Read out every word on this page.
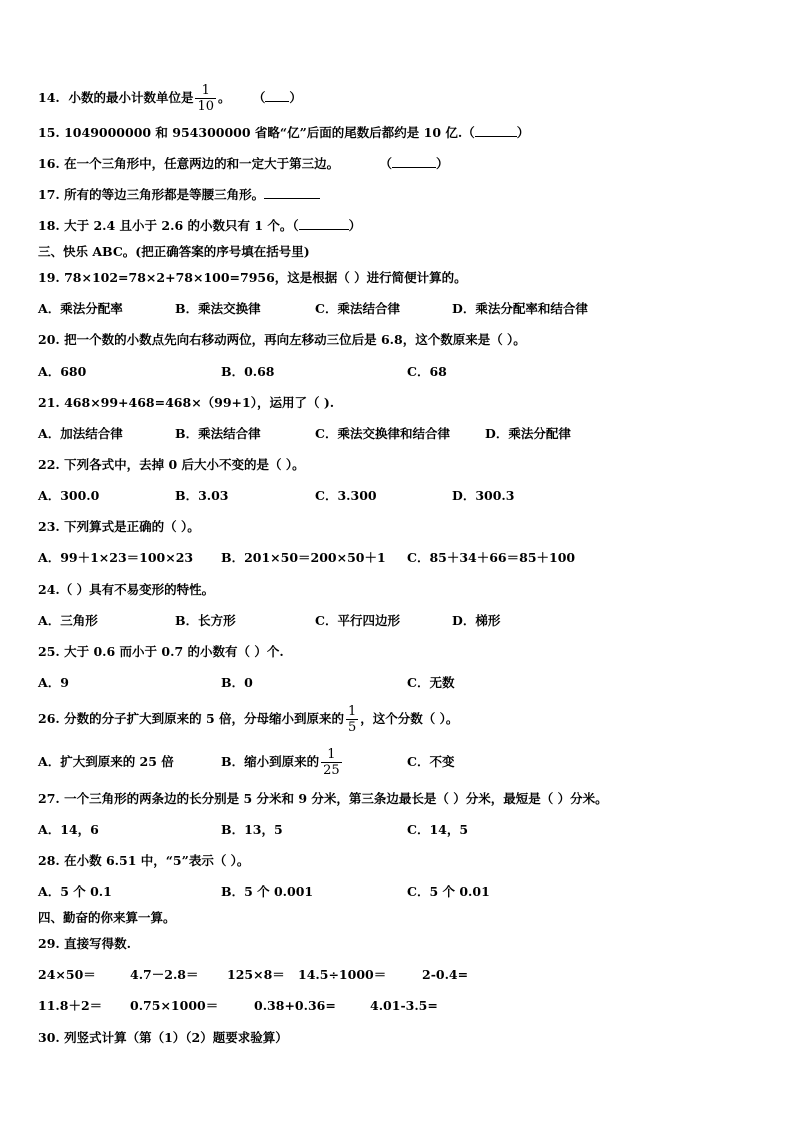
14. 小数的最小计数单位是 $\frac{1}{10}$ 。 （ ）
15. 1049000000 和 954300000 省略“亿”后面的尾数后都约是 10 亿.（	）
16. 在一个三角形中，任意两边的和一定大于第三边。	（	）
17. 所有的等边三角形都是等腰三角形。
18. 大于 2.4 且小于 2.6 的小数只有 1 个。（	）
三、快乐 ABC。(把正确答案的序号填在括号里)
19. 78×102=78×2+78×100=7956，这是根据（ ）进行简便计算的。
A．乘法分配率	B．乘法交换律	C．乘法结合律	D．乘法分配率和结合律
20. 把一个数的小数点先向右移动两位，再向左移动三位后是 6.8，这个数原来是（ ）。
A．680	B．0.68	C．68
21. 468×99+468=468×（99+1），运用了（ ).
A．加法结合律	B．乘法结合律	C．乘法交换律和结合律	D．乘法分配律
22. 下列各式中，去掉 0 后大小不变的是（ ）。
A．300.0	B．3.03	C．3.300	D．300.3
23. 下列算式是正确的（ ）。
A．99＋1×23＝100×23 B．201×50＝200×50＋1 C．85＋34＋66＝85＋100
24.（ ）具有不易变形的特性。
A．三角形	B．长方形	C．平行四边形	D．梯形
25. 大于 0.6 而小于 0.7 的小数有（ ）个.
A．9	B．0	C．无数
26. 分数的分子扩大到原来的 5 倍，分母缩小到原来的 $\frac{1}{5}$ ，这个分数（ ）。
A．扩大到原来的 25 倍	B．缩小到原来的 $\frac{1}{25}$	C．不变
27. 一个三角形的两条边的长分别是 5 分米和 9 分米，第三条边最长是（ ）分米，最短是（ ）分米。
A．14，6	B．13，5	C．14，5
28. 在小数 6.51 中，“5”表示（ ）。
A．5 个 0.1	B．5 个 0.001	C．5 个 0.01
四、勤奋的你来算一算。
29. 直接写得数.
24×50＝	4.7－2.8＝ 125×8＝ 14.5÷1000＝	2-0.4=
11.8＋2＝ 0.75×1000＝	0.38+0.36=	4.01-3.5=
30. 列竖式计算（第（1）（2）题要求验算）
